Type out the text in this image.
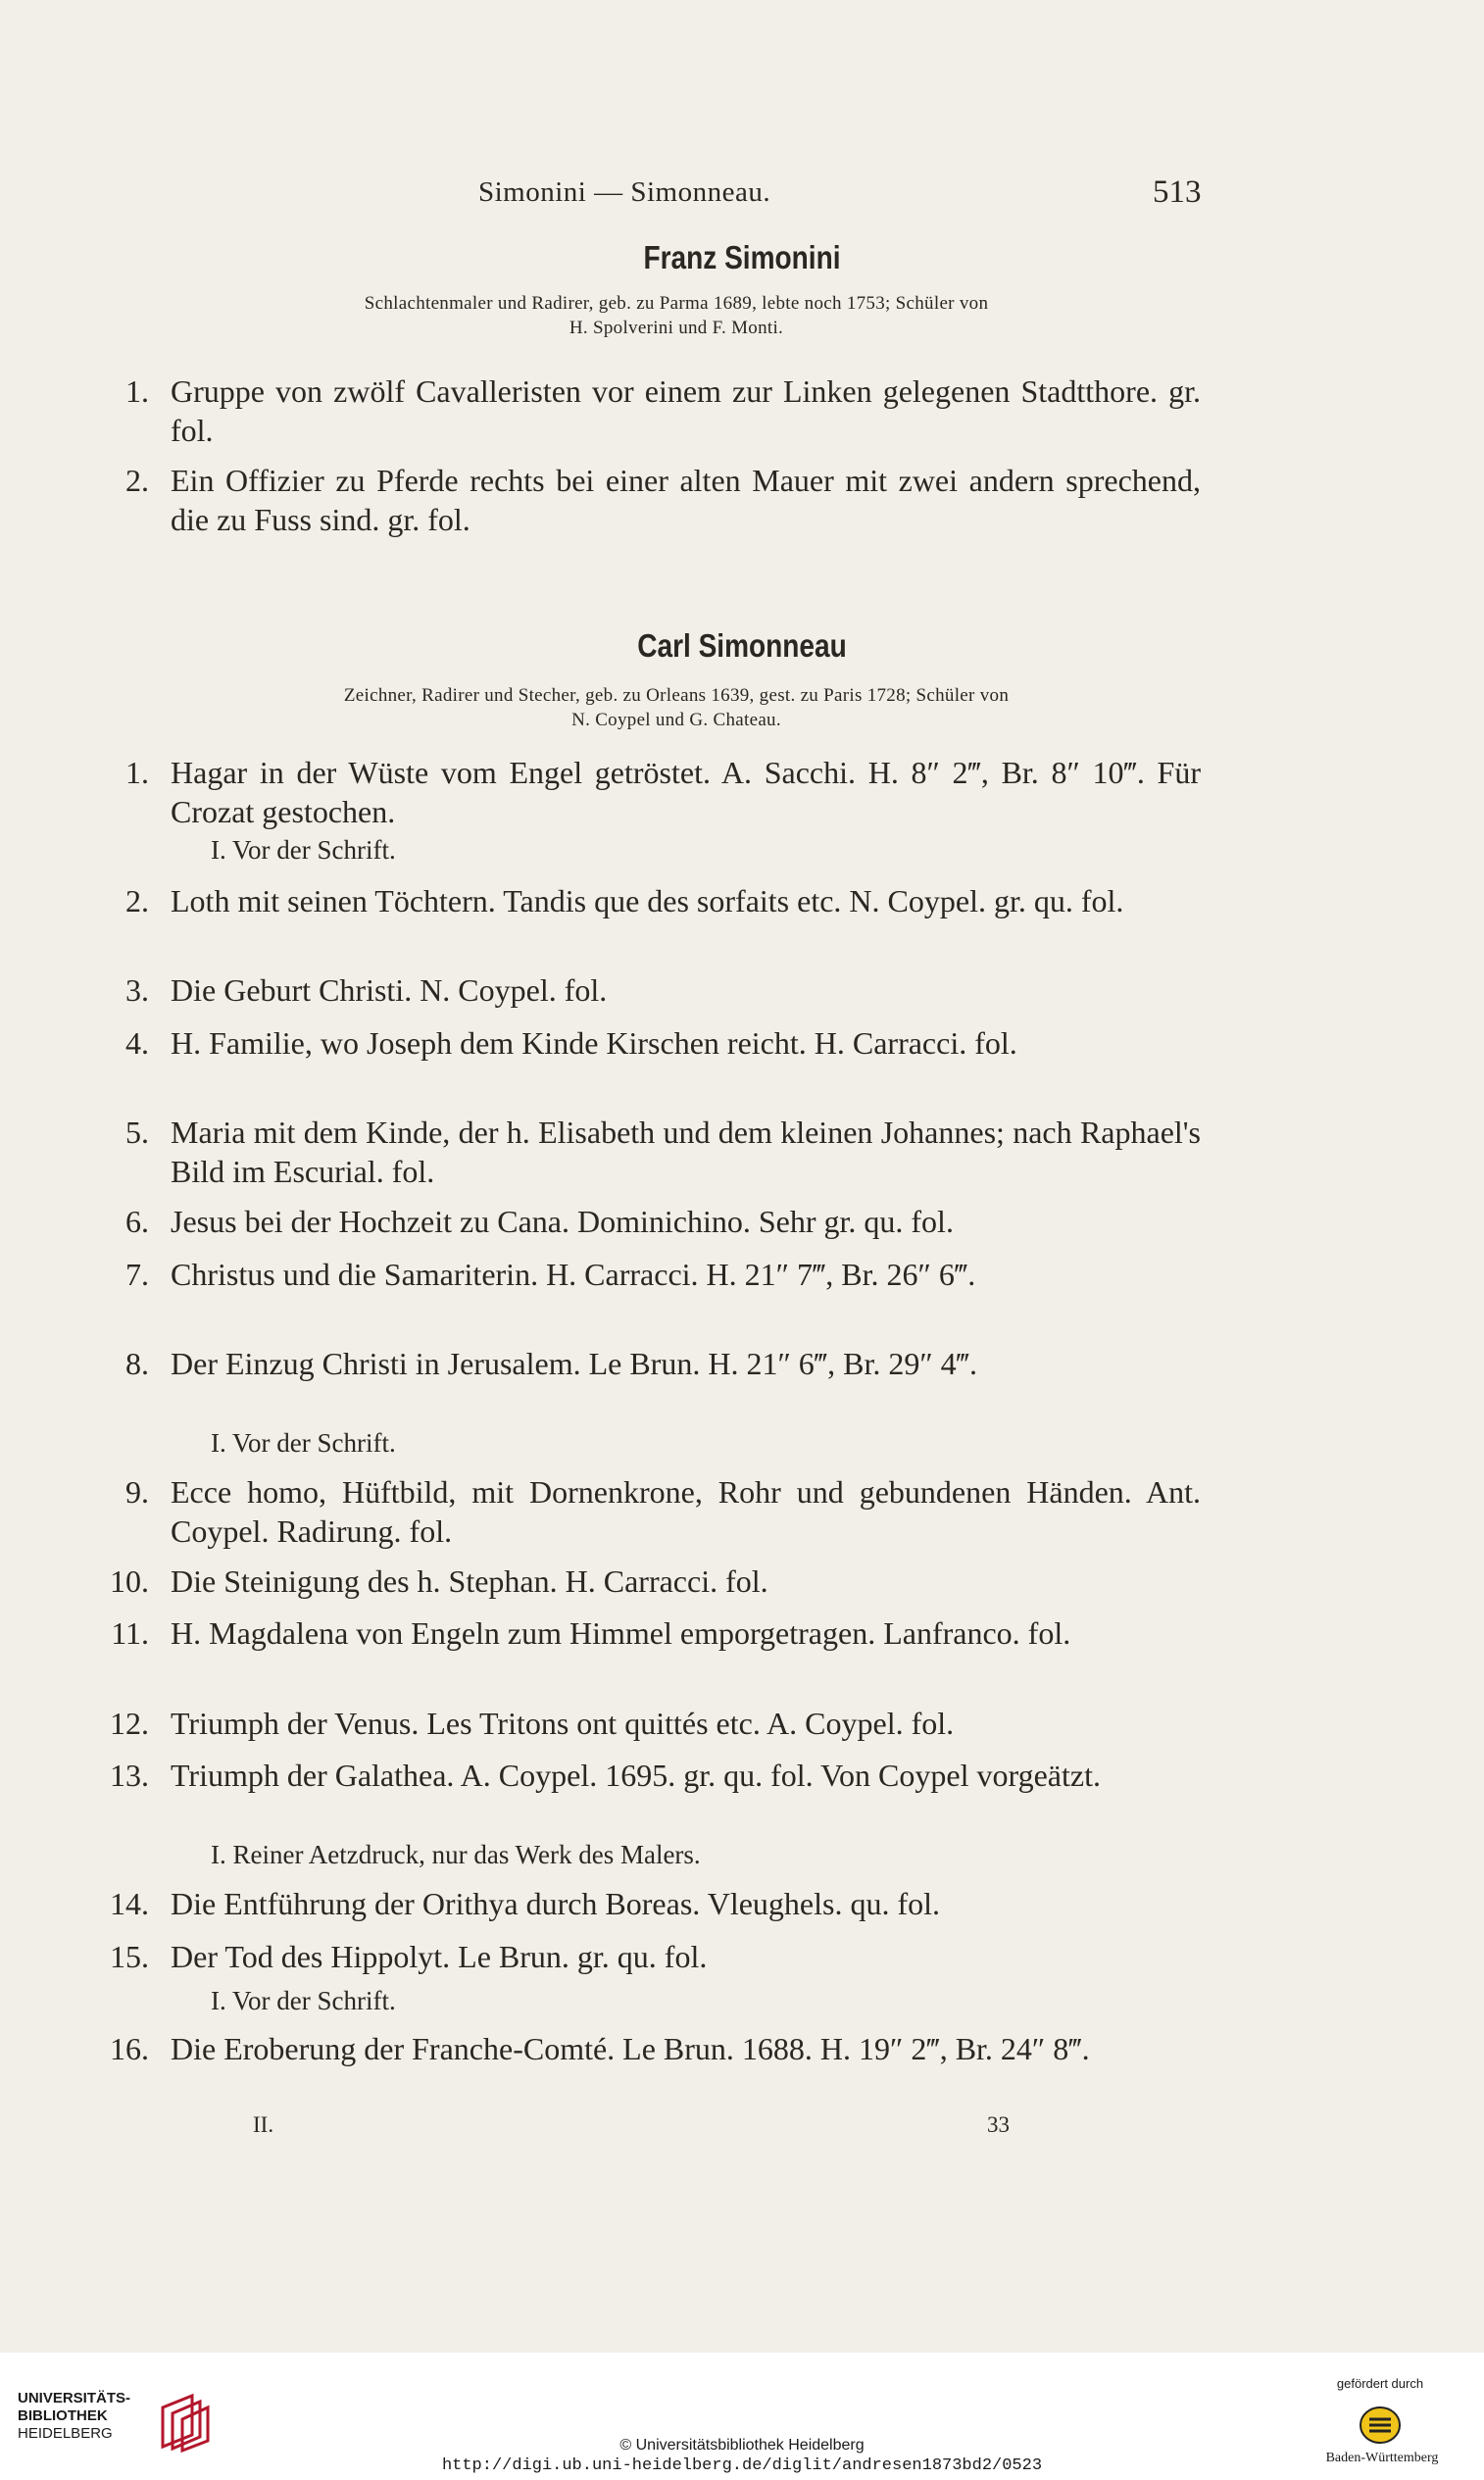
Simonini — Simonneau.	513
Franz Simonini
Schlachtenmaler und Radirer, geb. zu Parma 1689, lebte noch 1753; Schüler von
H. Spolverini und F. Monti.
1. Gruppe von zwölf Cavalleristen vor einem zur Linken gelegenen Stadtthore. gr. fol.
2. Ein Offizier zu Pferde rechts bei einer alten Mauer mit zwei andern sprechend, die zu Fuss sind. gr. fol.
Carl Simonneau
Zeichner, Radirer und Stecher, geb. zu Orleans 1639, gest. zu Paris 1728; Schüler von
N. Coypel und G. Chateau.
1. Hagar in der Wüste vom Engel getröstet. A. Sacchi. H. 8″ 2‴, Br. 8″ 10‴. Für Crozat gestochen.
I. Vor der Schrift.
2. Loth mit seinen Töchtern. Tandis que des sorfaits etc. N. Coypel. gr. qu. fol.
3. Die Geburt Christi. N. Coypel. fol.
4. H. Familie, wo Joseph dem Kinde Kirschen reicht. H. Carracci. fol.
5. Maria mit dem Kinde, der h. Elisabeth und dem kleinen Johannes; nach Raphael's Bild im Escurial. fol.
6. Jesus bei der Hochzeit zu Cana. Dominichino. Sehr gr. qu. fol.
7. Christus und die Samariterin. H. Carracci. H. 21″ 7‴, Br. 26″ 6‴.
8. Der Einzug Christi in Jerusalem. Le Brun. H. 21″ 6‴, Br. 29″ 4‴.
I. Vor der Schrift.
9. Ecce homo, Hüftbild, mit Dornenkrone, Rohr und gebundenen Händen. Ant. Coypel. Radirung. fol.
10. Die Steinigung des h. Stephan. H. Carracci. fol.
11. H. Magdalena von Engeln zum Himmel emporgetragen. Lanfranco. fol.
12. Triumph der Venus. Les Tritons ont quittés etc. A. Coypel. fol.
13. Triumph der Galathea. A. Coypel. 1695. gr. qu. fol. Von Coypel vorgeätzt.
I. Reiner Aetzdruck, nur das Werk des Malers.
14. Die Entführung der Orithya durch Boreas. Vleughels. qu. fol.
15. Der Tod des Hippolyt. Le Brun. gr. qu. fol.
I. Vor der Schrift.
16. Die Eroberung der Franche-Comté. Le Brun. 1688. H. 19″ 2‴, Br. 24″ 8‴.
II.	33
UNIVERSITÄTS-
BIBLIOTHEK
HEIDELBERG
© Universitätsbibliothek Heidelberg
http://digi.ub.uni-heidelberg.de/diglit/andresen1873bd2/0523
gefördert durch
Baden-Württemberg
